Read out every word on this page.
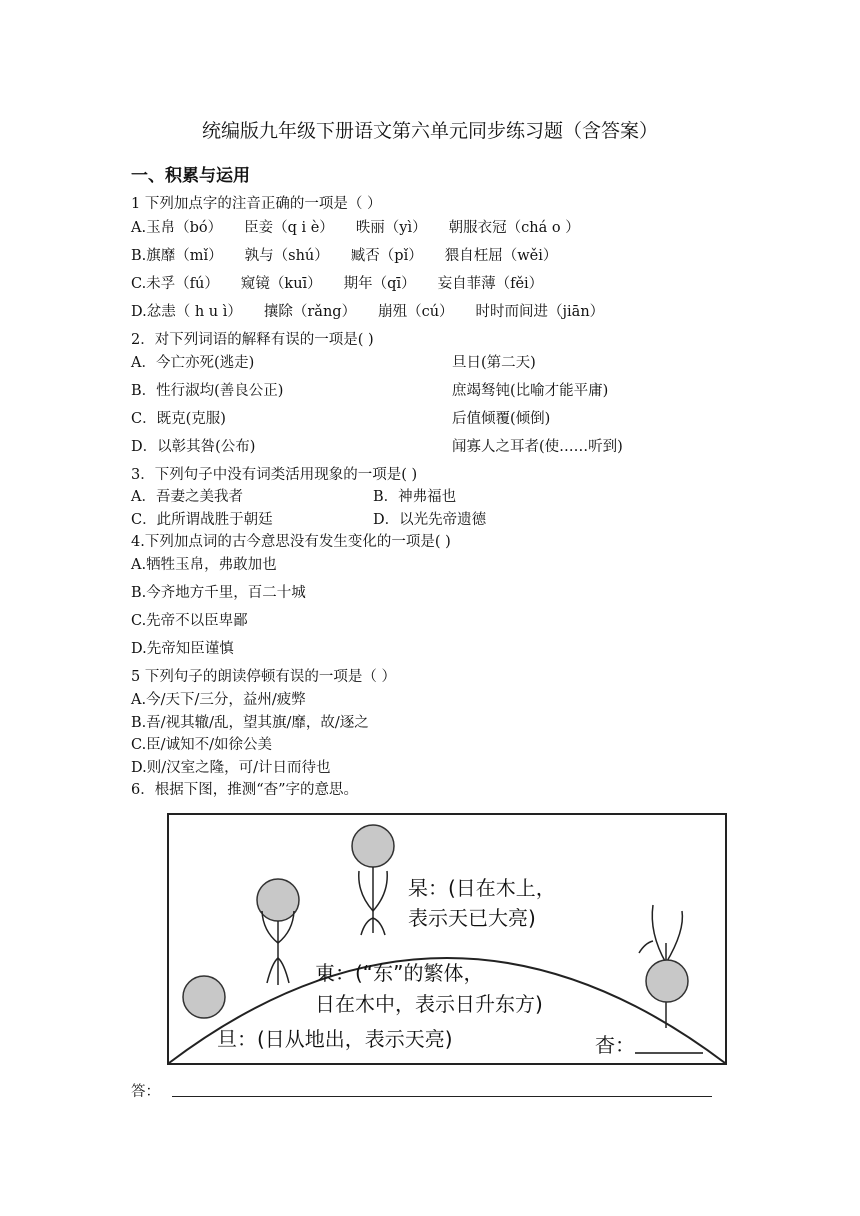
统编版九年级下册语文第六单元同步练习题（含答案）
一、积累与运用
1 下列加点字的注音正确的一项是（ ）
A.玉帛（bó） 臣妾（q i è） 昳丽（yì） 朝服衣冠（chá o ）
B.旗靡（mǐ） 孰与（shú） 臧否（pǐ） 猥自枉屈（wěi）
C.未孚（fú） 窥镜（kuī） 期年（qī） 妄自菲薄（fěi）
D.忿恚（ h u ì） 攘除（rǎng） 崩殂（cú） 时时而间进（jiān）
2．对下列词语的解释有误的一项是( )
A．今亡亦死(逃走)	旦日(第二天)
B．性行淑均(善良公正)	庶竭驽钝(比喻才能平庸)
C．既克(克服)	后值倾覆(倾倒)
D．以彰其咎(公布)	闻寡人之耳者(使……听到)
3．下列句子中没有词类活用现象的一项是( )
A．吾妻之美我者	B．神弗福也
C．此所谓战胜于朝廷	D．以光先帝遗德
4.下列加点词的古今意思没有发生变化的一项是( )
A.牺牲玉帛，弗敢加也
B.今齐地方千里，百二十城
C.先帝不以臣卑鄙
D.先帝知臣谨慎
5 下列句子的朗读停顿有误的一项是（ ）
A.今/天下/三分，益州/疲弊
B.吾/视其辙/乱，望其旗/靡，故/逐之
C.臣/诚知不/如徐公美
D.则/汉室之隆，可/计日而待也
6．根据下图，推测“杳”字的意思。
杲：(日在木上，
表示天已大亮)
東：(“东”的繁体，
日在木中，表示日升东方)
旦：(日从地出，表示天亮)	杳：
答：
